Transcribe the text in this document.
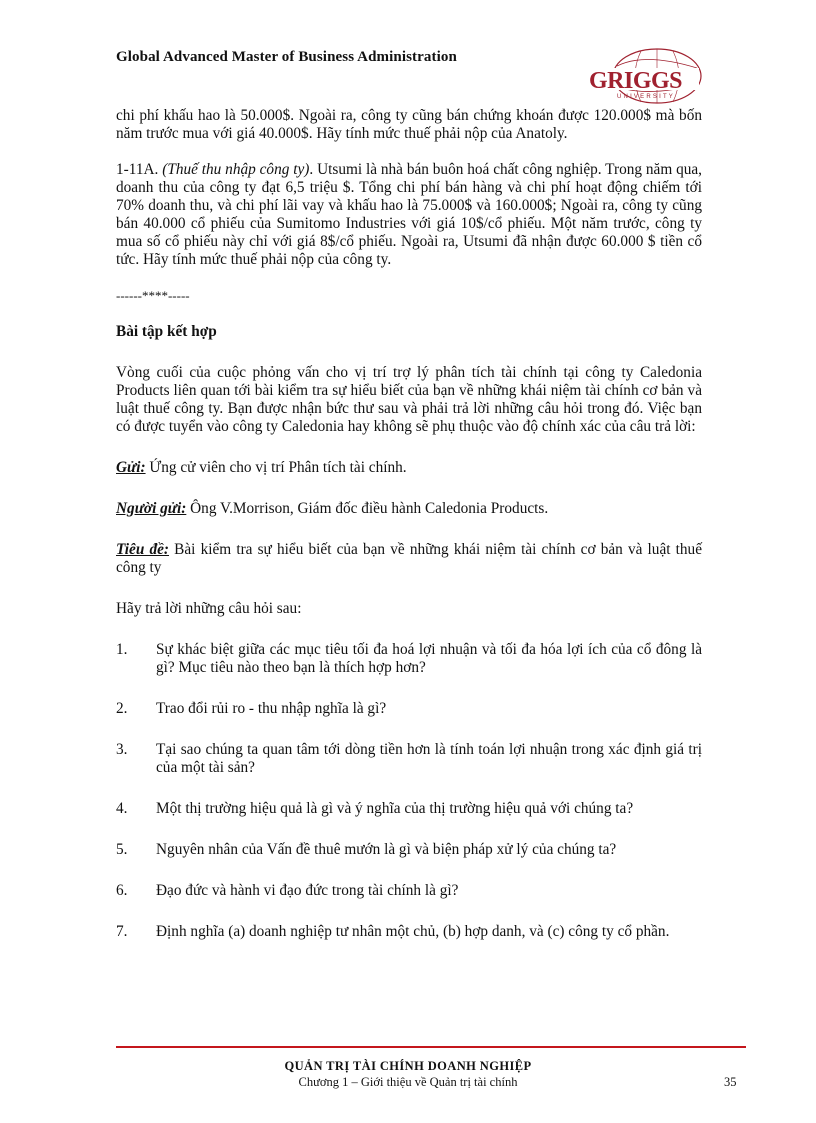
Global Advanced Master of Business Administration
GRIGGS
UNIVERSITY

chi phí khấu hao là 50.000$. Ngoài ra, công ty cũng bán chứng khoán được 120.000$ mà bốn năm trước mua với giá 40.000$. Hãy tính mức thuế phải nộp của Anatoly.

1-11A. (Thuế thu nhập công ty). Utsumi là nhà bán buôn hoá chất công nghiệp. Trong năm qua, doanh thu của công ty đạt 6,5 triệu $. Tổng chi phí bán hàng và chi phí hoạt động chiếm tới 70% doanh thu, và chi phí lãi vay và khấu hao là 75.000$ và 160.000$; Ngoài ra, công ty cũng bán 40.000 cổ phiếu của Sumitomo Industries với giá 10$/cổ phiếu. Một năm trước, công ty mua số cổ phiếu này chỉ với giá 8$/cổ phiếu. Ngoài ra, Utsumi đã nhận được 60.000 $ tiền cổ tức. Hãy tính mức thuế phải nộp của công ty.

------****-----

Bài tập kết hợp

Vòng cuối của cuộc phỏng vấn cho vị trí trợ lý phân tích tài chính tại công ty Caledonia Products liên quan tới bài kiểm tra sự hiểu biết của bạn về những khái niệm tài chính cơ bản và luật thuế công ty. Bạn được nhận bức thư sau và phải trả lời những câu hỏi trong đó. Việc bạn có được tuyển vào công ty Caledonia hay không sẽ phụ thuộc vào độ chính xác của câu trả lời:

Gửi: Ứng cử viên cho vị trí Phân tích tài chính.

Người gửi: Ông V.Morrison, Giám đốc điều hành Caledonia Products.

Tiêu đề: Bài kiểm tra sự hiểu biết của bạn về những khái niệm tài chính cơ bản và luật thuế công ty

Hãy trả lời những câu hỏi sau:

1.	Sự khác biệt giữa các mục tiêu tối đa hoá lợi nhuận và tối đa hóa lợi ích của cổ đông là gì? Mục tiêu nào theo bạn là thích hợp hơn?
2.	Trao đổi rủi ro - thu nhập nghĩa là gì?
3.	Tại sao chúng ta quan tâm tới dòng tiền hơn là tính toán lợi nhuận trong xác định giá trị của một tài sản?
4.	Một thị trường hiệu quả là gì và ý nghĩa của thị trường hiệu quả với chúng ta?
5.	Nguyên nhân của Vấn đề thuê mướn là gì và biện pháp xử lý của chúng ta?
6.	Đạo đức và hành vi đạo đức trong tài chính là gì?
7.	Định nghĩa (a) doanh nghiệp tư nhân một chủ, (b) hợp danh, và (c) công ty cổ phần.
QUẢN TRỊ TÀI CHÍNH DOANH NGHIỆP
Chương 1 – Giới thiệu về Quản trị tài chính	35
